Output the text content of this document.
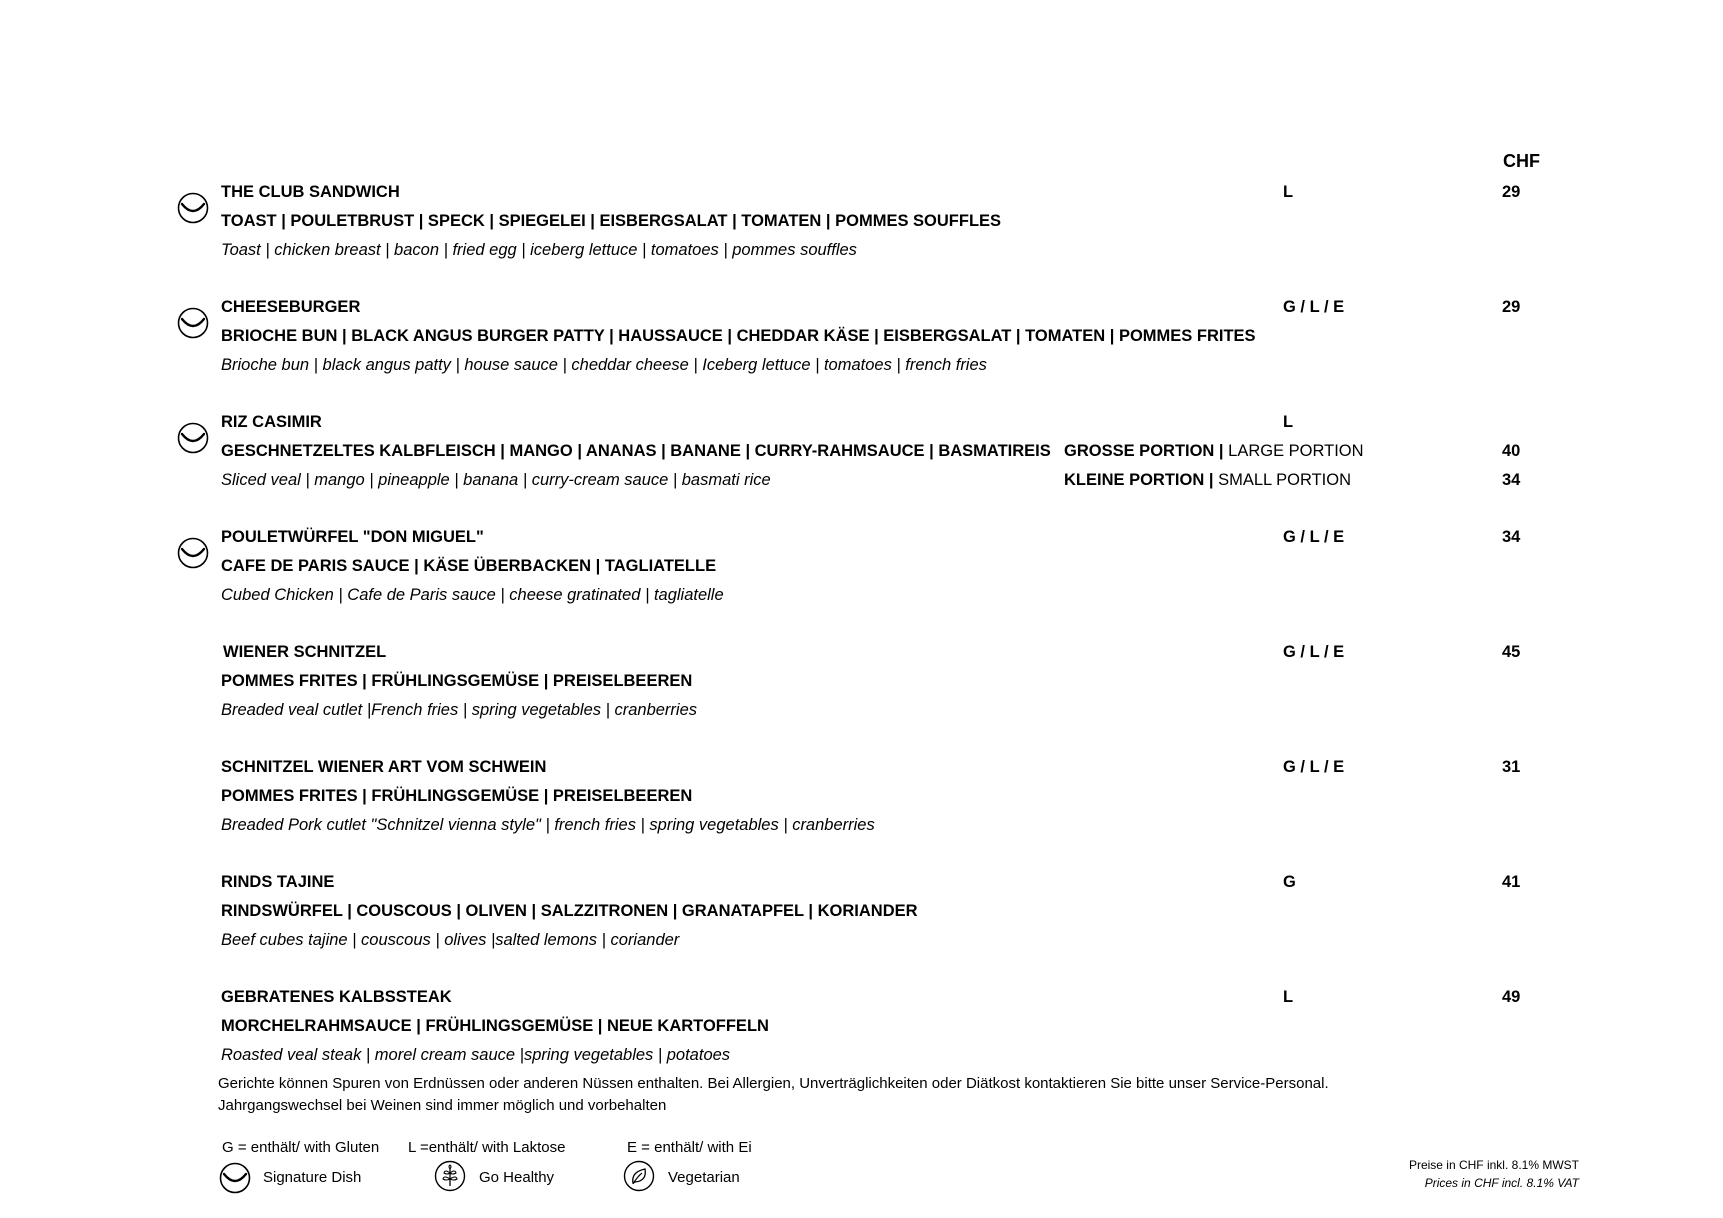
CHF
THE CLUB SANDWICH
TOAST | POULETBRUST | SPECK | SPIEGELEI | EISBERGSALAT | TOMATEN | POMMES SOUFFLES
Toast | chicken breast | bacon | fried egg | iceberg lettuce | tomatoes | pommes souffles
L	29
CHEESEBURGER
BRIOCHE BUN | BLACK ANGUS BURGER PATTY | HAUSSAUCE | CHEDDAR KÄSE | EISBERGSALAT | TOMATEN | POMMES FRITES
Brioche bun | black angus patty | house sauce | cheddar cheese | Iceberg lettuce | tomatoes | french fries
G / L / E	29
RIZ CASIMIR
GESCHNETZELTES KALBFLEISCH | MANGO | ANANAS | BANANE | CURRY-RAHMSAUCE | BASMATIREIS
Sliced veal | mango | pineapple | banana | curry-cream sauce | basmati rice
L
GROSSE PORTION | LARGE PORTION	40
KLEINE PORTION | SMALL PORTION	34
POULETWÜRFEL "DON MIGUEL"
CAFE DE PARIS SAUCE | KÄSE ÜBERBACKEN | TAGLIATELLE
Cubed Chicken | Cafe de Paris sauce | cheese gratinated | tagliatelle
G / L / E	34
WIENER SCHNITZEL
POMMES FRITES | FRÜHLINGSGEMÜSE | PREISELBEEREN
Breaded veal cutlet |French fries | spring vegetables | cranberries
G / L / E	45
SCHNITZEL WIENER ART VOM SCHWEIN
POMMES FRITES | FRÜHLINGSGEMÜSE | PREISELBEEREN
Breaded Pork cutlet "Schnitzel vienna style" | french fries | spring vegetables | cranberries
G / L / E	31
RINDS TAJINE
RINDSWÜRFEL | COUSCOUS | OLIVEN | SALZZITRONEN | GRANATAPFEL | KORIANDER
Beef cubes tajine | couscous | olives |salted lemons | coriander
G	41
GEBRATENES KALBSSTEAK
MORCHELRAHMSAUCE | FRÜHLINGSGEMÜSE | NEUE KARTOFFELN
Roasted veal steak | morel cream sauce |spring vegetables | potatoes
L	49
Gerichte können Spuren von Erdnüssen oder anderen Nüssen enthalten. Bei Allergien, Unverträglichkeiten oder Diätkost kontaktieren Sie bitte unser Service-Personal.
Jahrgangswechsel bei Weinen sind immer möglich und vorbehalten
G = enthält/ with Gluten L =enthält/ with Laktose	E = enthält/ with Ei
Signature Dish	Go Healthy	Vegetarian
Preise in CHF inkl. 8.1% MWST
Prices in CHF incl. 8.1% VAT
